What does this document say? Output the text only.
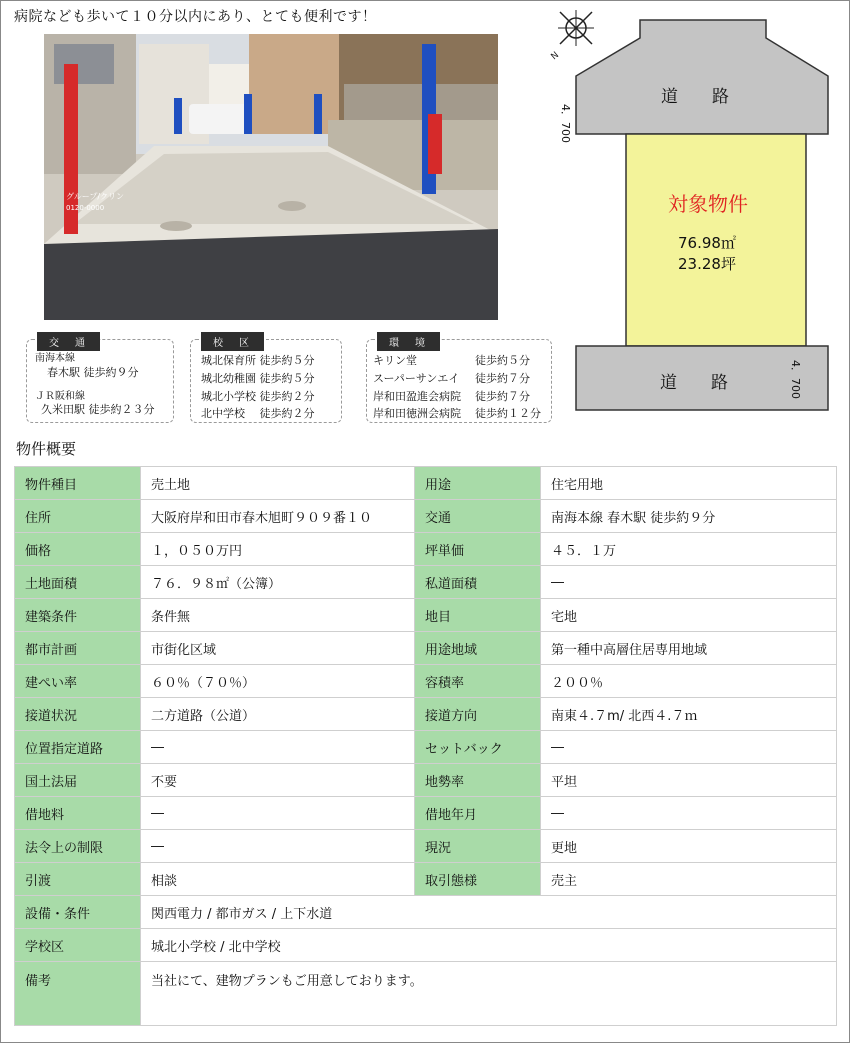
病院なども歩いて１０分以内にあり、とても便利です！
グループ/クリン
0120-0000
交　通
南海本線
春木駅 徒歩約９分
ＪＲ阪和線
久米田駅 徒歩約２３分
校　区
城北保育所 徒歩約５分
城北幼稚園 徒歩約５分
城北小学校 徒歩約２分
北中学校　 徒歩約２分
環　境
キリン堂	徒歩約５分
スーパーサンエイ 徒歩約７分
岸和田盈進会病院 徒歩約７分
岸和田徳洲会病院 徒歩約１２分
N
道　　路
4．700
対象物件
76.98㎡
23.28坪
道　　路	4．700
物件概要
物件種目	売土地	用途	住宅用地
住所	大阪府岸和田市春木旭町９０９番１０	交通	南海本線 春木駅 徒歩約９分
価格	１，０５０万円	坪単価	４５．１万
土地面積	７６．９８㎡（公簿）	私道面積	―
建築条件	条件無	地目	宅地
都市計画	市街化区域	用途地域	第一種中高層住居専用地域
建ぺい率	６０％（７０％）	容積率	２００％
接道状況	二方道路（公道）	接道方向	南東４.７m/ 北西４.７ｍ
位置指定道路	―	セットバック	―
国土法届	不要	地勢率	平坦
借地料	―	借地年月	―
法令上の制限	―	現況	更地
引渡	相談	取引態様	売主
設備・条件	関西電力 / 都市ガス / 上下水道		
学校区	城北小学校 / 北中学校		
備考	当社にて、建物プランもご用意しております。		
